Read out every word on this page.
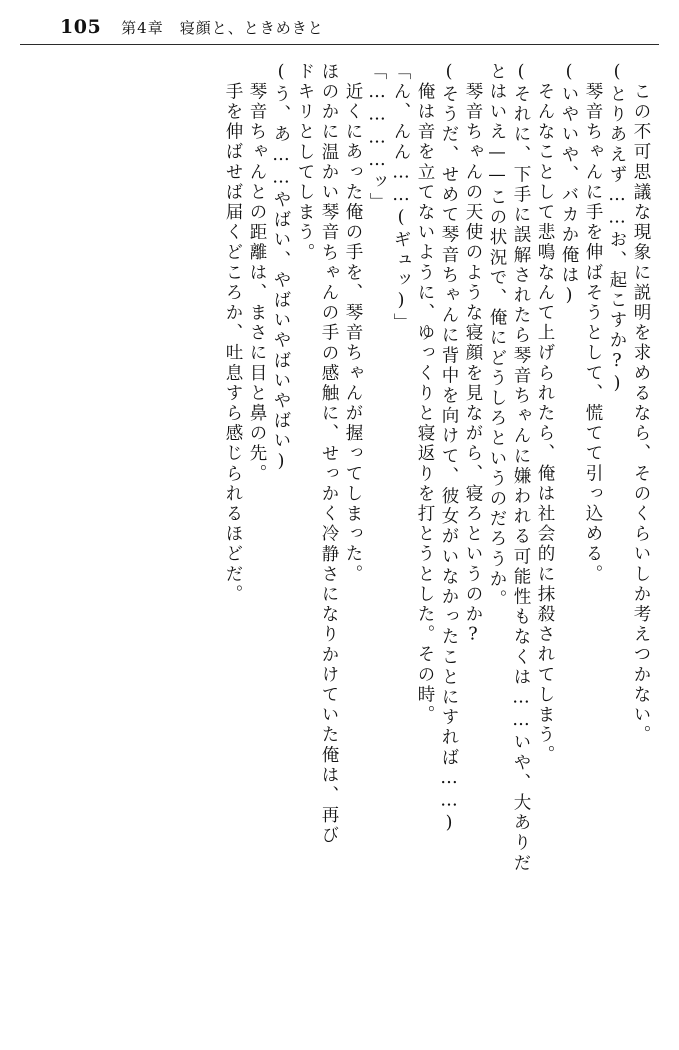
105 第4章　寝顔と、ときめきと
この不可思議な現象に説明を求めるなら、そのくらいしか考えつかない。
(とりあえず……お、起こすか?)
琴音ちゃんに手を伸ばそうとして、慌てて引っ込める。
(いやいや、バカか俺は)
そんなことして悲鳴なんて上げられたら、俺は社会的に抹殺されてしまう。
(それに、下手に誤解されたら琴音ちゃんに嫌われる可能性もなくは……いや、大ありだ
とはいえ——この状況で、俺にどうしろというのだろうか。
琴音ちゃんの天使のような寝顔を見ながら、寝ろというのか?
(そうだ、せめて琴音ちゃんに背中を向けて、彼女がいなかったことにすれば……)
俺は音を立てないように、ゆっくりと寝返りを打とうとした。その時。
「ん、んん……(ギュッ)」
「…………ッ」
近くにあった俺の手を、琴音ちゃんが握ってしまった。
ほのかに温かい琴音ちゃんの手の感触に、せっかく冷静さになりかけていた俺は、再び
ドキリとしてしまう。
(う、あ……やばい、やばいやばいやばい)
琴音ちゃんとの距離は、まさに目と鼻の先。
手を伸ばせば届くどころか、吐息すら感じられるほどだ。
